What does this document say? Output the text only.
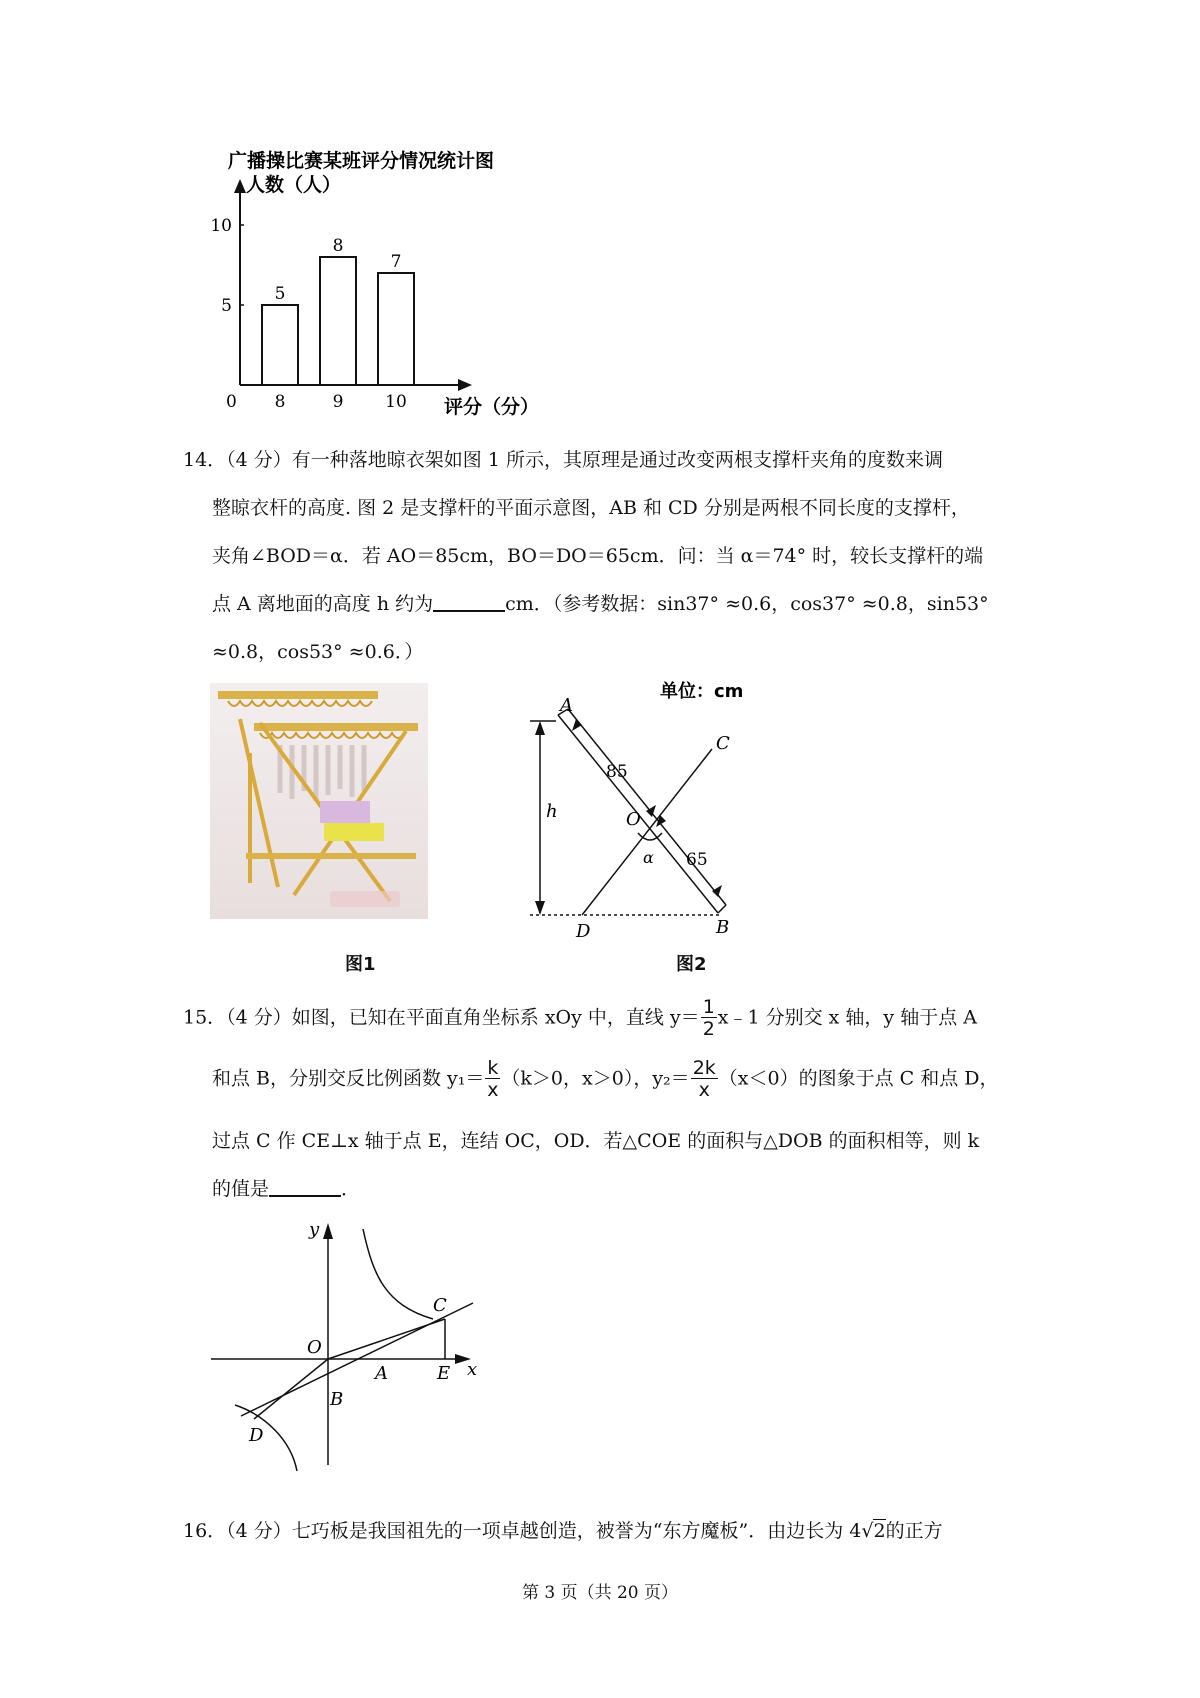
广播操比赛某班评分情况统计图
人数（人）
评分（分）
0
5
8
7
5
10
8	9 10
14．（4 分）有一种落地晾衣架如图 1 所示，其原理是通过改变两根支撑杆夹角的度数来调
整晾衣杆的高度. 图 2 是支撑杆的平面示意图，AB 和 CD 分别是两根不同长度的支撑杆，
夹角∠BOD＝α．若 AO＝85cm，BO＝DO＝65cm．问：当 α＝74° 时，较长支撑杆的端
点 A 离地面的高度 h 约为	cm．（参考数据：sin37° ≈0.6，cos37° ≈0.8，sin53°
≈0.8，cos53° ≈0.6．）
图1
单位：cm
h
A
85
C
O
α 65
D	B
图2
15．（4 分）如图，已知在平面直角坐标系 xOy 中，直线 $y= \frac{1}{2}$ x﹣1 分别交 x 轴，y 轴于点 A
和点 B，分别交反比例函数 $y_1= \frac{k}{x} (k>0$，x＞0），$y_2= \frac{2k}{x} (x<0)$的图象于点 C 和点 D，
过点 C 作 CE⊥x 轴于点 E，连结 OC，OD．若△COE 的面积与△DOB 的面积相等，则 k
的值是	．
y
x
O
A	E
C
B
D
16．（4 分）七巧板是我国祖先的一项卓越创造，被誉为“东方魔板”．由边长为 4√2的正方
第 3 页（共 20 页）
